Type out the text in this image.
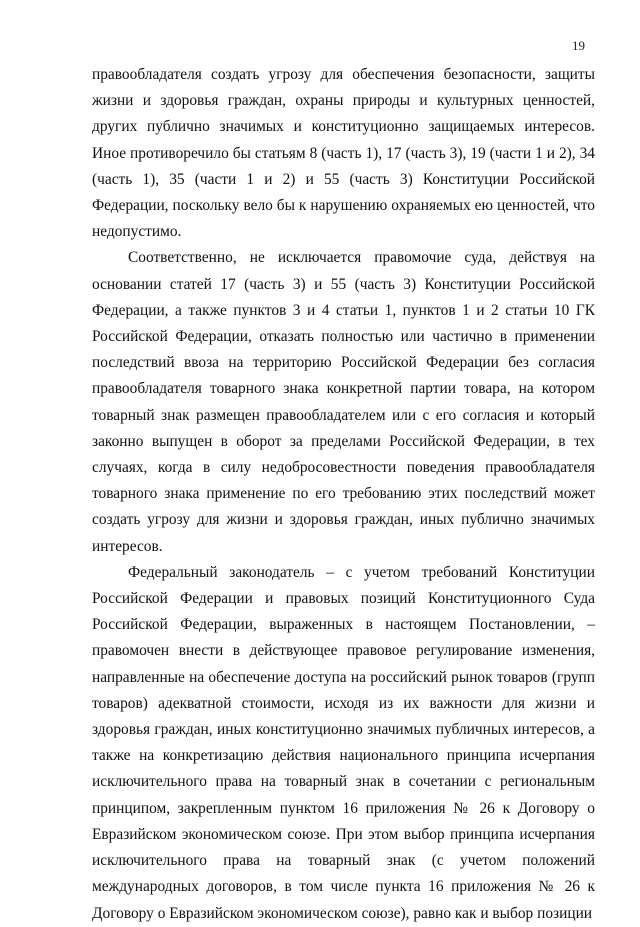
19

правообладателя создать угрозу для обеспечения безопасности, защиты жизни и здоровья граждан, охраны природы и культурных ценностей, других публично значимых и конституционно защищаемых интересов. Иное противоречило бы статьям 8 (часть 1), 17 (часть 3), 19 (части 1 и 2), 34 (часть 1), 35 (части 1 и 2) и 55 (часть 3) Конституции Российской Федерации, поскольку вело бы к нарушению охраняемых ею ценностей, что недопустимо.

Соответственно, не исключается правомочие суда, действуя на основании статей 17 (часть 3) и 55 (часть 3) Конституции Российской Федерации, а также пунктов 3 и 4 статьи 1, пунктов 1 и 2 статьи 10 ГК Российской Федерации, отказать полностью или частично в применении последствий ввоза на территорию Российской Федерации без согласия правообладателя товарного знака конкретной партии товара, на котором товарный знак размещен правообладателем или с его согласия и который законно выпущен в оборот за пределами Российской Федерации, в тех случаях, когда в силу недобросовестности поведения правообладателя товарного знака применение по его требованию этих последствий может создать угрозу для жизни и здоровья граждан, иных публично значимых интересов.

Федеральный законодатель – с учетом требований Конституции Российской Федерации и правовых позиций Конституционного Суда Российской Федерации, выраженных в настоящем Постановлении, – правомочен внести в действующее правовое регулирование изменения, направленные на обеспечение доступа на российский рынок товаров (групп товаров) адекватной стоимости, исходя из их важности для жизни и здоровья граждан, иных конституционно значимых публичных интересов, а также на конкретизацию действия национального принципа исчерпания исключительного права на товарный знак в сочетании с региональным принципом, закрепленным пунктом 16 приложения № 26 к Договору о Евразийском экономическом союзе. При этом выбор принципа исчерпания исключительного права на товарный знак (с учетом положений международных договоров, в том числе пункта 16 приложения № 26 к Договору о Евразийском экономическом союзе), равно как и выбор позиции
